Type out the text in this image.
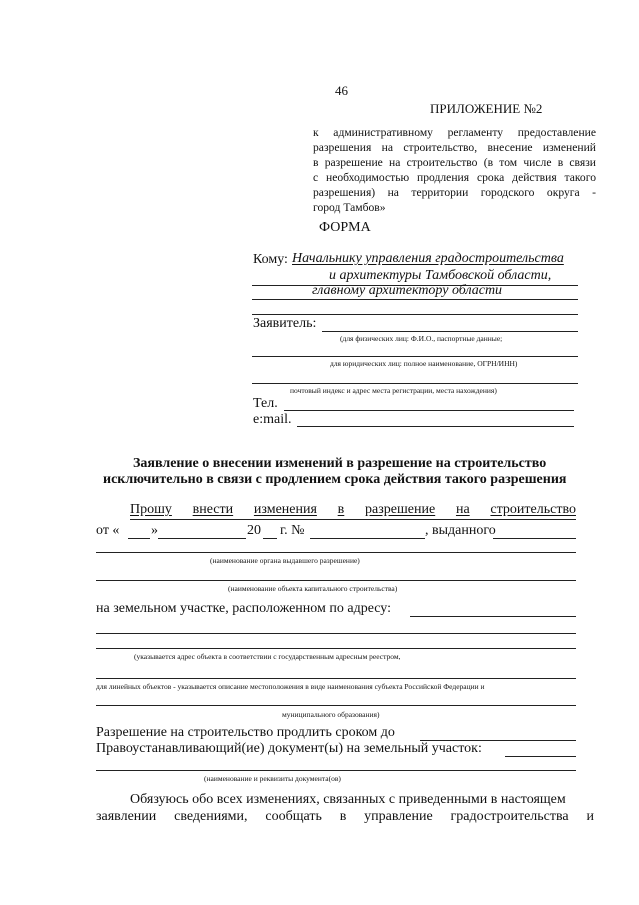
46
ПРИЛОЖЕНИЕ №2
к административному регламенту предоставление
разрешения на строительство, внесение изменений
в разрешение на строительство (в том числе в связи
с необходимостью продления срока действия такого
разрешения) на территории городского округа -
город Тамбов»
ФОРМА
Кому: Начальнику управления градостроительства
и архитектуры Тамбовской области,
главному архитектору области
Заявитель:
(для физических лиц: Ф.И.О., паспортные данные;
для юридических лиц: полное наименование, ОГРН/ИНН)
почтовый индекс и адрес места регистрации, места нахождения)
Тел.
e:mail.
Заявление о внесении изменений в разрешение на строительство
исключительно в связи с продлением срока действия такого разрешения
Прошу внести изменения в разрешение на строительство
от « »	20 г. №	, выданного
(наименование органа выдавшего разрешение)
(наименование объекта капитального строительства)
на земельном участке, расположенном по адресу:
(указывается адрес объекта в соответствии с государственным адресным реестром,
для линейных объектов - указывается описание местоположения в виде наименования субъекта Российской Федерации и
муниципального образования)
Разрешение на строительство продлить сроком до
Правоустанавливающий(ие) документ(ы) на земельный участок:
(наименование и реквизиты документа(ов)
Обязуюсь обо всех изменениях, связанных с приведенными в настоящем
заявлении сведениями, сообщать в управление градостроительства и
